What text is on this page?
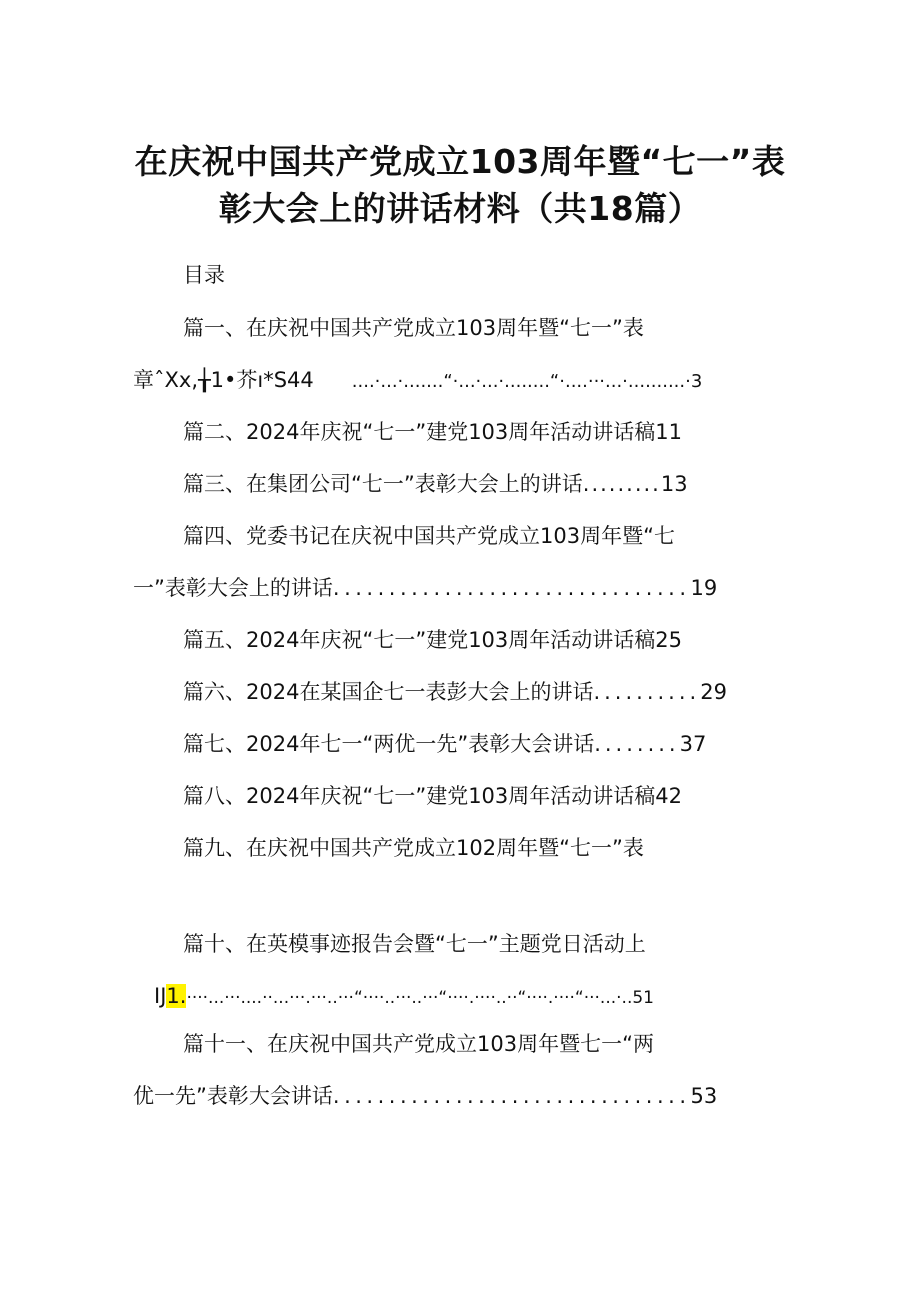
在庆祝中国共产党成立103周年暨“七一”表
彰大会上的讲话材料（共18篇）
目录
篇一、在庆祝中国共产党成立103周年暨“七一”表
章ˆXx,╁1•芥ı*S44 ....·...·.......“·...·...·........“·....···...·..........·3
篇二、2024年庆祝“七一”建党103周年活动讲话稿11
篇三、在集团公司“七一”表彰大会上的讲话.........13
篇四、党委书记在庆祝中国共产党成立103周年暨“七
一”表彰大会上的讲话................................19
篇五、2024年庆祝“七一”建党103周年活动讲话稿25
篇六、2024在某国企七一表彭大会上的讲话..........29
篇七、2024年七一“两优一先”表彰大会讲话........37
篇八、2024年庆祝“七一”建党103周年活动讲话稿42
篇九、在庆祝中国共产党成立102周年暨“七一”表
篇十、在英模事迹报告会暨“七一”主题党日活动上
IJ1.····...···....··...···.···..···“····..···..···“····.····..··“····.····“···...·..51
篇十一、在庆祝中国共产党成立103周年暨七一“两
优一先”表彰大会讲话................................53
